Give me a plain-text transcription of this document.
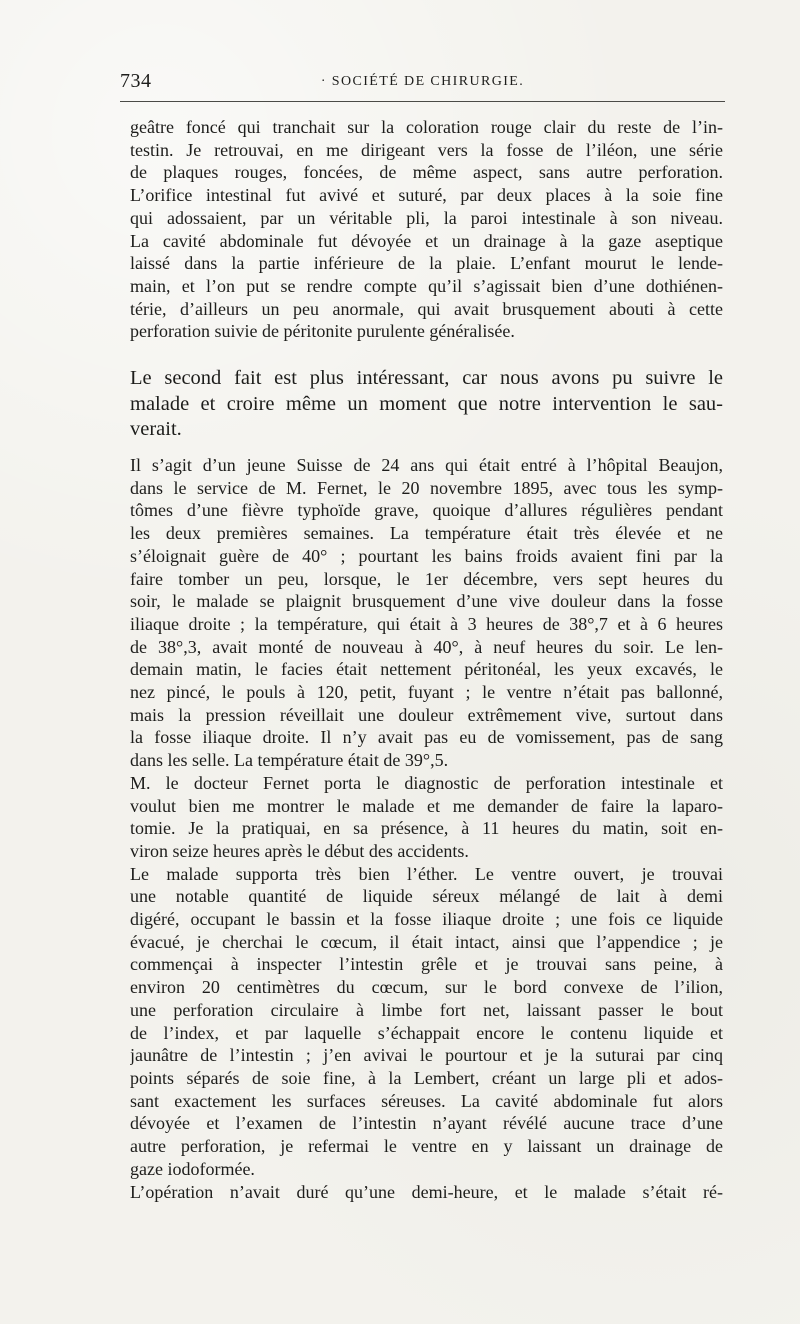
734	· SOCIÉTÉ DE CHIRURGIE.
geâtre foncé qui tranchait sur la coloration rouge clair du reste de l’in-
testin. Je retrouvai, en me dirigeant vers la fosse de l’iléon, une série
de plaques rouges, foncées, de même aspect, sans autre perforation.
L’orifice intestinal fut avivé et suturé, par deux places à la soie fine
qui adossaient, par un véritable pli, la paroi intestinale à son niveau.
La cavité abdominale fut dévoyée et un drainage à la gaze aseptique
laissé dans la partie inférieure de la plaie. L’enfant mourut le lende-
main, et l’on put se rendre compte qu’il s’agissait bien d’une dothiénen-
térie, d’ailleurs un peu anormale, qui avait brusquement abouti à cette
perforation suivie de péritonite purulente généralisée.
Le second fait est plus intéressant, car nous avons pu suivre le
malade et croire même un moment que notre intervention le sau-
verait.
Il s’agit d’un jeune Suisse de 24 ans qui était entré à l’hôpital Beaujon,
dans le service de M. Fernet, le 20 novembre 1895, avec tous les symp-
tômes d’une fièvre typhoïde grave, quoique d’allures régulières pendant
les deux premières semaines. La température était très élevée et ne
s’éloignait guère de 40° ; pourtant les bains froids avaient fini par la
faire tomber un peu, lorsque, le 1er décembre, vers sept heures du
soir, le malade se plaignit brusquement d’une vive douleur dans la fosse
iliaque droite ; la température, qui était à 3 heures de 38°,7 et à 6 heures
de 38°,3, avait monté de nouveau à 40°, à neuf heures du soir. Le len-
demain matin, le facies était nettement péritonéal, les yeux excavés, le
nez pincé, le pouls à 120, petit, fuyant ; le ventre n’était pas ballonné,
mais la pression réveillait une douleur extrêmement vive, surtout dans
la fosse iliaque droite. Il n’y avait pas eu de vomissement, pas de sang
dans les selle. La température était de 39°,5.
M. le docteur Fernet porta le diagnostic de perforation intestinale et
voulut bien me montrer le malade et me demander de faire la laparo-
tomie. Je la pratiquai, en sa présence, à 11 heures du matin, soit en-
viron seize heures après le début des accidents.
Le malade supporta très bien l’éther. Le ventre ouvert, je trouvai
une notable quantité de liquide séreux mélangé de lait à demi
digéré, occupant le bassin et la fosse iliaque droite ; une fois ce liquide
évacué, je cherchai le cœcum, il était intact, ainsi que l’appendice ; je
commençai à inspecter l’intestin grêle et je trouvai sans peine, à
environ 20 centimètres du cœcum, sur le bord convexe de l’ilion,
une perforation circulaire à limbe fort net, laissant passer le bout
de l’index, et par laquelle s’échappait encore le contenu liquide et
jaunâtre de l’intestin ; j’en avivai le pourtour et je la suturai par cinq
points séparés de soie fine, à la Lembert, créant un large pli et ados-
sant exactement les surfaces séreuses. La cavité abdominale fut alors
dévoyée et l’examen de l’intestin n’ayant révélé aucune trace d’une
autre perforation, je refermai le ventre en y laissant un drainage de
gaze iodoformée.
L’opération n’avait duré qu’une demi-heure, et le malade s’était ré-
